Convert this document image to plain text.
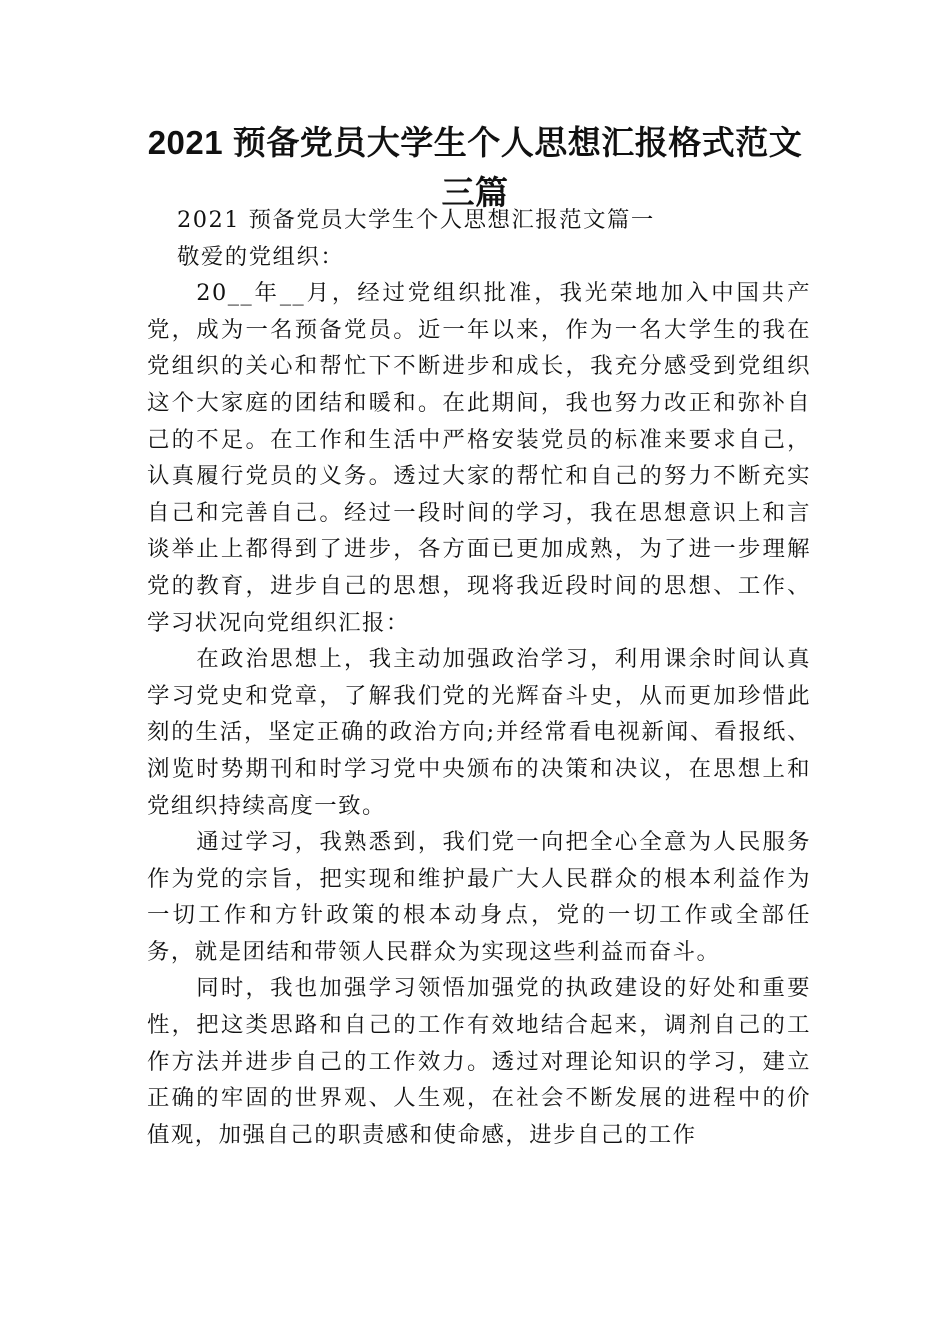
2021 预备党员大学生个人思想汇报格式范文
三篇

2021 预备党员大学生个人思想汇报范文篇一

敬爱的党组织：

20__年__月，经过党组织批准，我光荣地加入中国共产党，成为一名预备党员。近一年以来，作为一名大学生的我在党组织的关心和帮忙下不断进步和成长，我充分感受到党组织这个大家庭的团结和暖和。在此期间，我也努力改正和弥补自己的不足。在工作和生活中严格安装党员的标准来要求自己，认真履行党员的义务。透过大家的帮忙和自己的努力不断充实自己和完善自己。经过一段时间的学习，我在思想意识上和言谈举止上都得到了进步，各方面已更加成熟，为了进一步理解党的教育，进步自己的思想，现将我近段时间的思想、工作、学习状况向党组织汇报：

在政治思想上，我主动加强政治学习，利用课余时间认真学习党史和党章，了解我们党的光辉奋斗史，从而更加珍惜此刻的生活，坚定正确的政治方向;并经常看电视新闻、看报纸、浏览时势期刊和时学习党中央颁布的决策和决议，在思想上和党组织持续高度一致。

通过学习，我熟悉到，我们党一向把全心全意为人民服务作为党的宗旨，把实现和维护最广大人民群众的根本利益作为一切工作和方针政策的根本动身点，党的一切工作或全部任务，就是团结和带领人民群众为实现这些利益而奋斗。

同时，我也加强学习领悟加强党的执政建设的好处和重要性，把这类思路和自己的工作有效地结合起来，调剂自己的工作方法并进步自己的工作效力。透过对理论知识的学习，建立正确的牢固的世界观、人生观，在社会不断发展的进程中的价值观，加强自己的职责感和使命感，进步自己的工作
